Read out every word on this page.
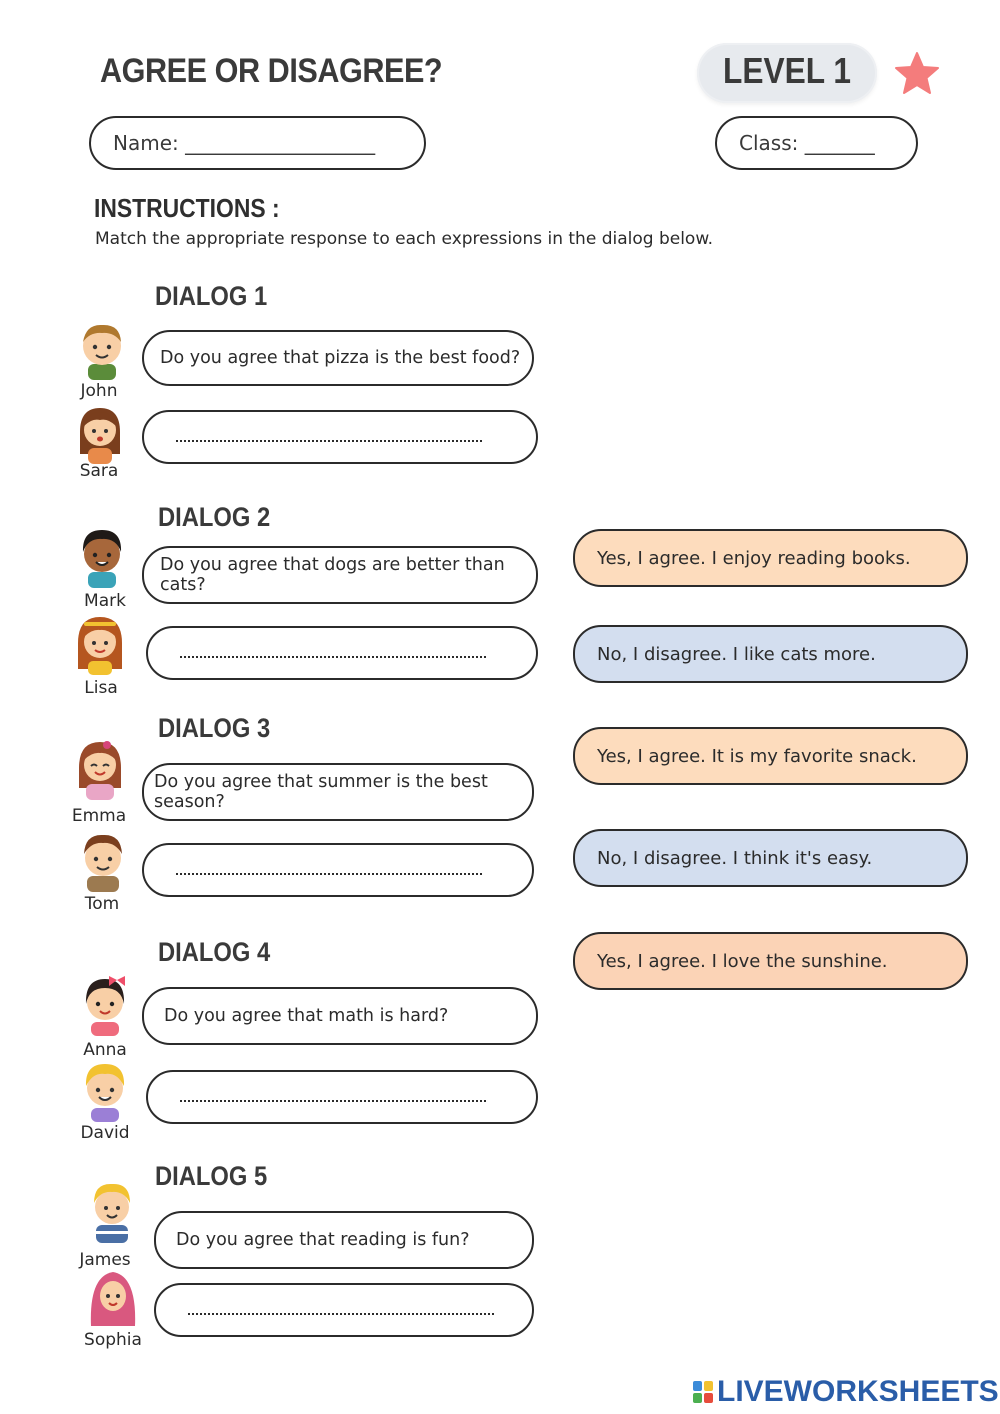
AGREE OR DISAGREE?	LEVEL 1
Name: ___________________	Class: _______
INSTRUCTIONS :
Match the appropriate response to each expressions in the dialog below.
DIALOG 1
John
Sara
Do you agree that pizza is the best food?
DIALOG 2
Mark
Lisa
Do you agree that dogs are better than cats?
DIALOG 3
Emma
Tom
Do you agree that summer is the best season?
DIALOG 4
Anna
David
Do you agree that math is hard?
DIALOG 5
James
Sophia
Do you agree that reading is fun?
Yes, I agree. I enjoy reading books.
No, I disagree. I like cats more.
Yes, I agree. It is my favorite snack.
No, I disagree. I think it's easy.
Yes, I agree. I love the sunshine.
LIVEWORKSHEETS
